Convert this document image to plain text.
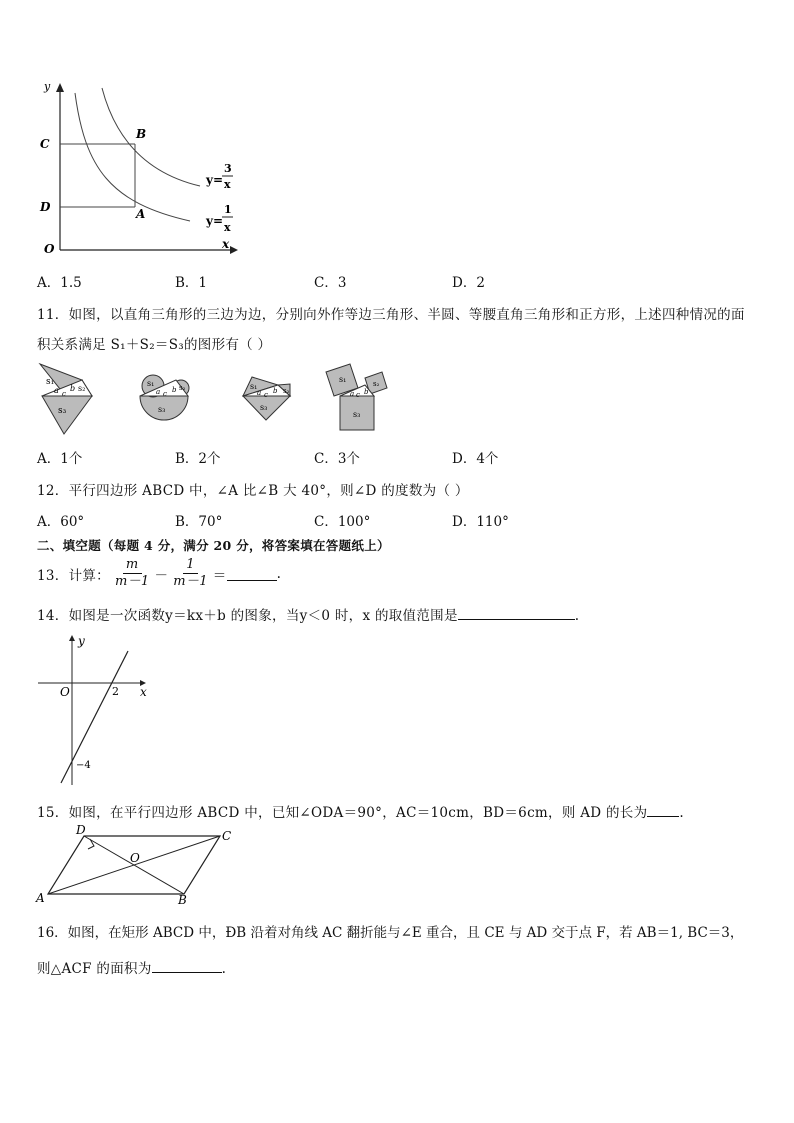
y
x
O
C
D
B
A
y=
3
x
y=
1
x
A．1.5	B．1	C．3	D．2
11．如图，以直角三角形的三边为边，分别向外作等边三角形、半圆、等腰直角三角形和正方形，上述四种情况的面
积关系满足 S₁＋S₂＝S₃的图形有（ ）
s₁
s₂
s₃
a c
b
s₁	s₂
s₃
a c b	s₁	s₂
s₃
a c b
s₁	s₂
s₃
a c b
A．1个	B．2个	C．3个	D．4个
12．平行四边形 ABCD 中，∠A 比∠B 大 40°，则∠D 的度数为（ ）
A．60°	B．70°	C．100°	D．110°
二、填空题（每题 4 分，满分 20 分，将答案填在答题纸上）
13．计算： $\frac{m}{m-1} - \frac{1}{m-1}$ ＝	.
14．如图是一次函数y＝kx＋b 的图象，当y＜0 时，x 的取值范围是	.
y
x
O	2
−4
15．如图，在平行四边形 ABCD 中，已知∠ODA＝90°，AC＝10cm，BD＝6cm，则 AD 的长为 .
A	B
C
D
O
16．如图，在矩形 ABCD 中，ĐB 沿着对角线 AC 翻折能与∠E 重合，且 CE 与 AD 交于点 F，若 AB＝1, BC＝3，
则△ACF 的面积为	.
